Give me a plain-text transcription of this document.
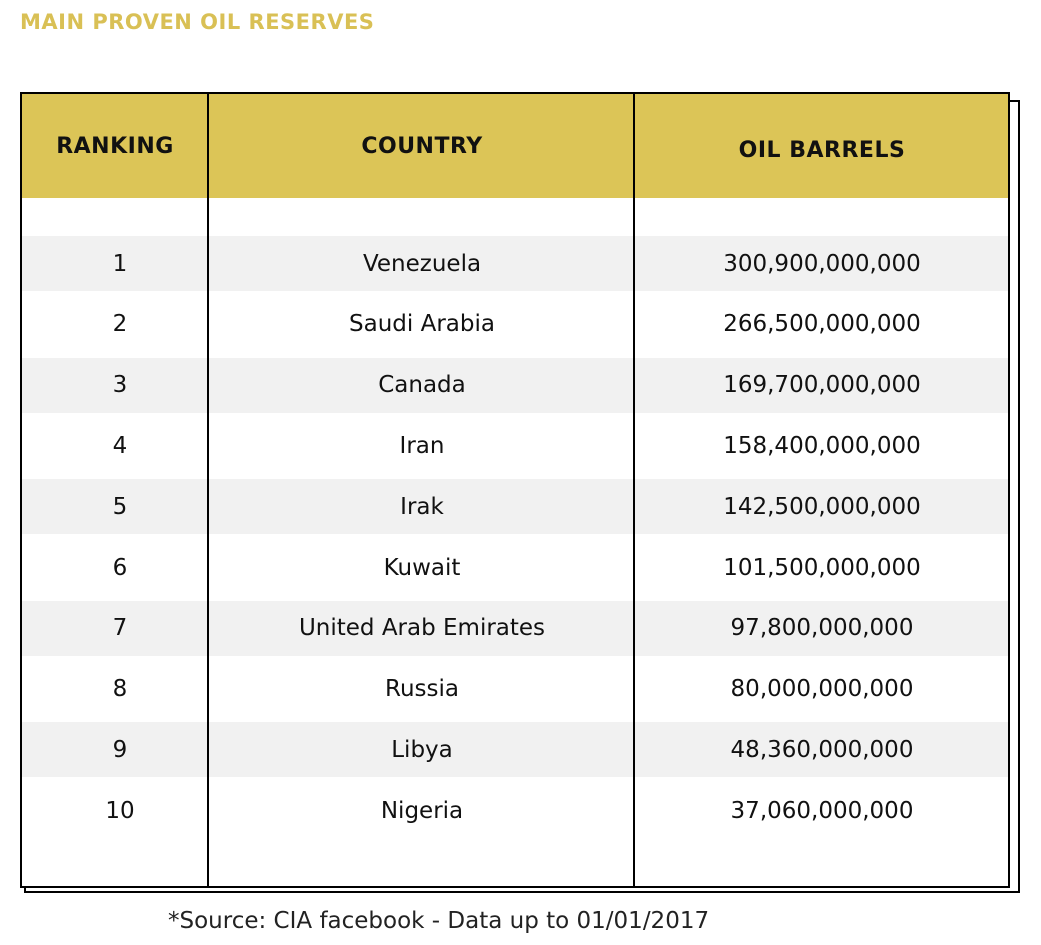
MAIN PROVEN OIL RESERVES
RANKING	COUNTRY	OIL BARRELS
1	Venezuela	300,900,000,000
2	Saudi Arabia	266,500,000,000
3	Canada	169,700,000,000
4	Iran	158,400,000,000
5	Irak	142,500,000,000
6	Kuwait	101,500,000,000
7	United Arab Emirates	97,800,000,000
8	Russia	80,000,000,000
9	Libya	48,360,000,000
10	Nigeria	37,060,000,000
*Source: CIA facebook - Data up to 01/01/2017
